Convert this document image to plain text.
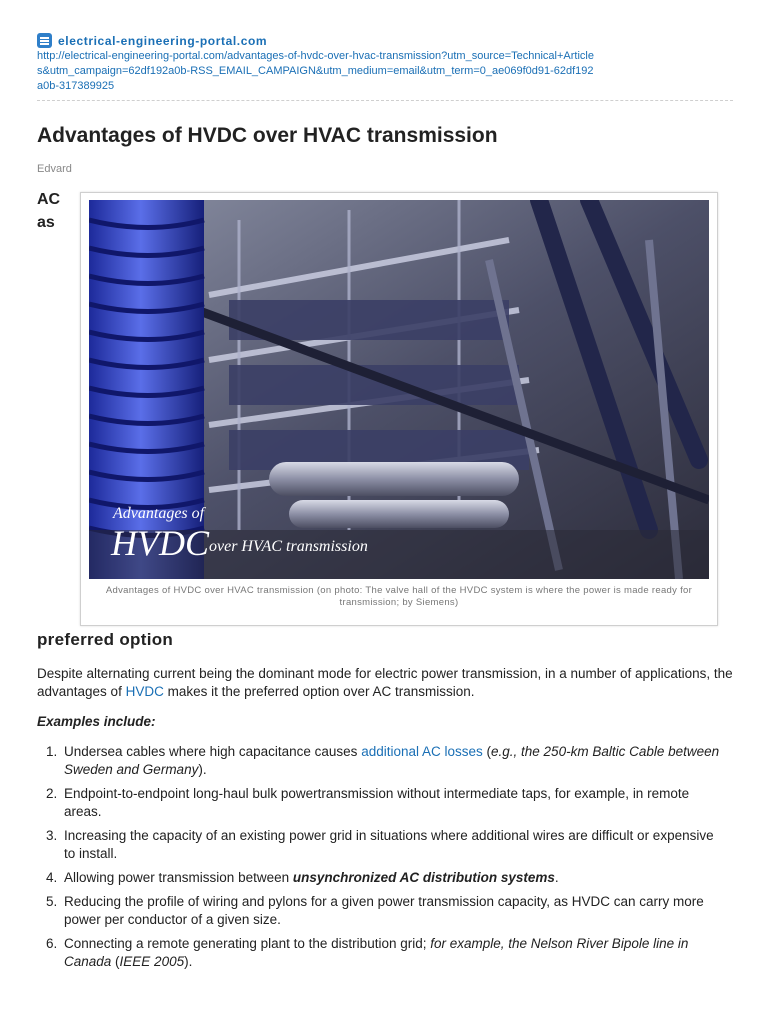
electrical-engineering-portal.com
http://electrical-engineering-portal.com/advantages-of-hvdc-over-hvac-transmission?utm_source=Technical+Articles&utm_campaign=62df192a0b-RSS_EMAIL_CAMPAIGN&utm_medium=email&utm_term=0_ae069f0d91-62df192a0b-317389925
Advantages of HVDC over HVAC transmission
Edvard
AC
as
Advantages of
HVDC over HVAC transmission
Advantages of HVDC over HVAC transmission (on photo: The valve hall of the HVDC system is where the power is made ready for transmission; by Siemens)
preferred option

Despite alternating current being the dominant mode for electric power transmission, in a number of applications, the advantages of HVDC makes it the preferred option over AC transmission.

Examples include:
1. Undersea cables where high capacitance causes additional AC losses (e.g., the 250-km Baltic Cable between Sweden and Germany).
2. Endpoint-to-endpoint long-haul bulk powertransmission without intermediate taps, for example, in remote areas.
3. Increasing the capacity of an existing power grid in situations where additional wires are difficult or expensive to install.
4. Allowing power transmission between unsynchronized AC distribution systems.
5. Reducing the profile of wiring and pylons for a given power transmission capacity, as HVDC can carry more power per conductor of a given size.
6. Connecting a remote generating plant to the distribution grid; for example, the Nelson River Bipole line in Canada (IEEE 2005).
